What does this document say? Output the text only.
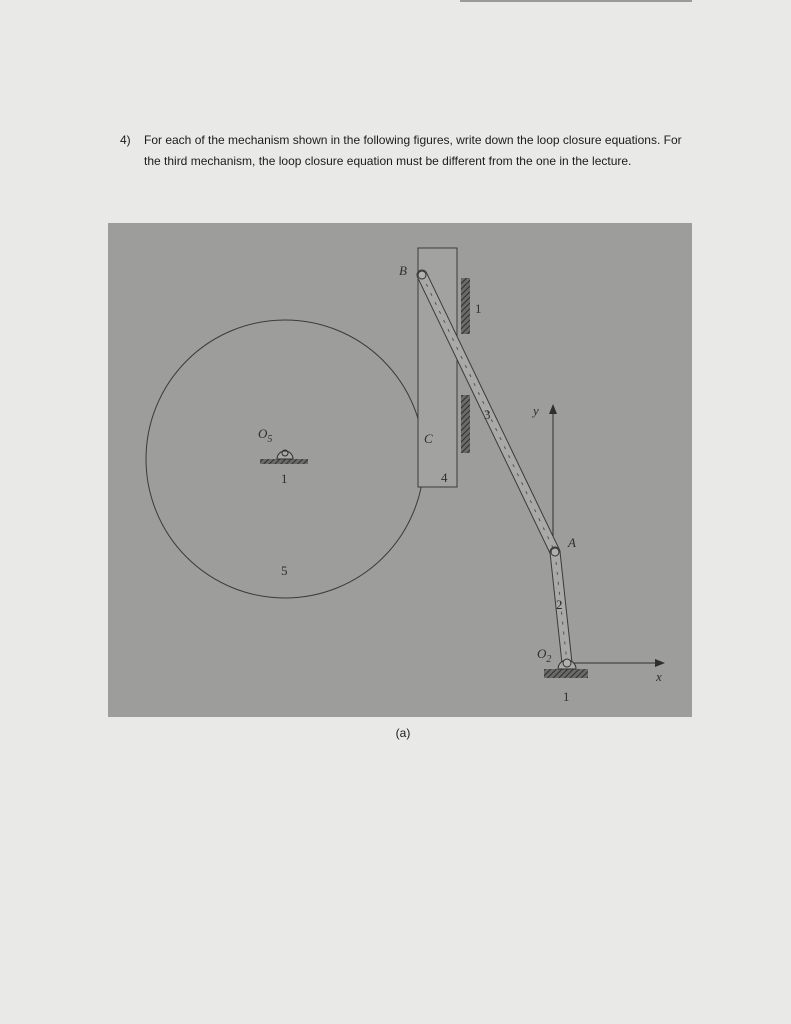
4) For each of the mechanism shown in the following figures, write down the loop closure equations. For the third mechanism, the loop closure equation must be different from the one in the lecture.
B
C
A
y
x
$O_5$
$O_2$
1
1
1
2
3
4
5
(a)
